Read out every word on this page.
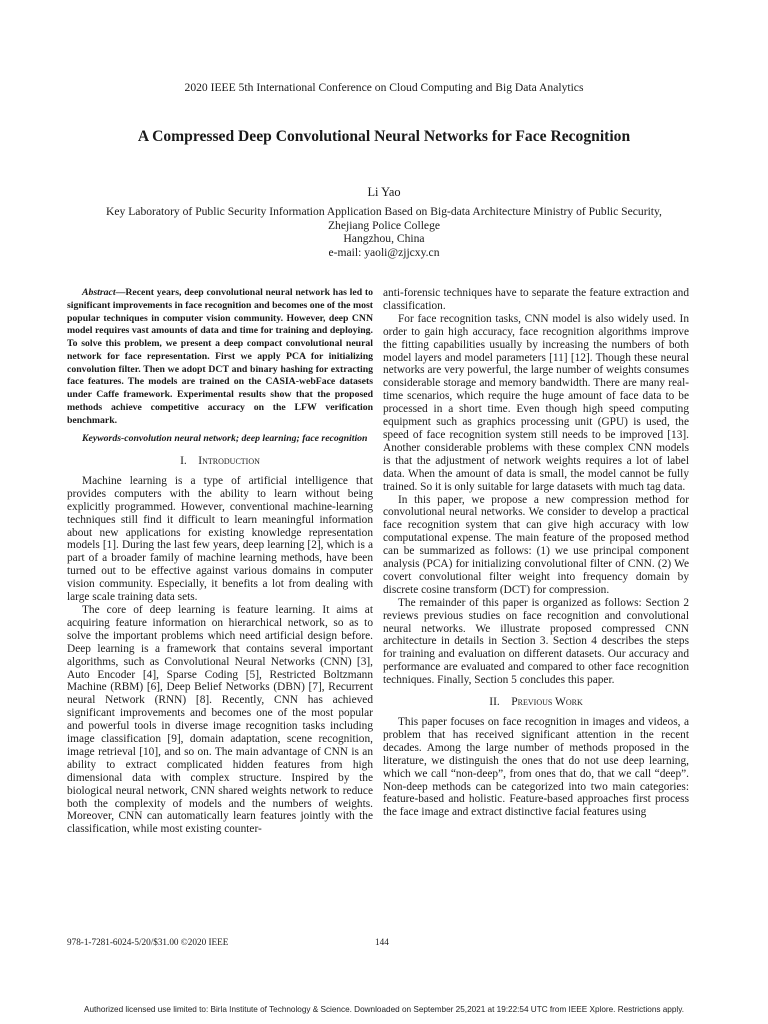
2020 IEEE 5th International Conference on Cloud Computing and Big Data Analytics
A Compressed Deep Convolutional Neural Networks for Face Recognition
Li Yao
Key Laboratory of Public Security Information Application Based on Big-data Architecture Ministry of Public Security,
Zhejiang Police College
Hangzhou, China
e-mail: yaoli@zjjcxy.cn

Abstract—Recent years, deep convolutional neural network has led to significant improvements in face recognition and becomes one of the most popular techniques in computer vision community. However, deep CNN model requires vast amounts of data and time for training and deploying. To solve this problem, we present a deep compact convolutional neural network for face representation. First we apply PCA for initializing convolution filter. Then we adopt DCT and binary hashing for extracting face features. The models are trained on the CASIA-webFace datasets under Caffe framework. Experimental results show that the proposed methods achieve competitive accuracy on the LFW verification benchmark.

Keywords-convolution neural network; deep learning; face recognition

I. Introduction

Machine learning is a type of artificial intelligence that provides computers with the ability to learn without being explicitly programmed. However, conventional machine-learning techniques still find it difficult to learn meaningful information about new applications for existing knowledge representation models [1]. During the last few years, deep learning [2], which is a part of a broader family of machine learning methods, have been turned out to be effective against various domains in computer vision community. Especially, it benefits a lot from dealing with large scale training data sets.

The core of deep learning is feature learning. It aims at acquiring feature information on hierarchical network, so as to solve the important problems which need artificial design before. Deep learning is a framework that contains several important algorithms, such as Convolutional Neural Networks (CNN) [3], Auto Encoder [4], Sparse Coding [5], Restricted Boltzmann Machine (RBM) [6], Deep Belief Networks (DBN) [7], Recurrent neural Network (RNN) [8]. Recently, CNN has achieved significant improvements and becomes one of the most popular and powerful tools in diverse image recognition tasks including image classification [9], domain adaptation, scene recognition, image retrieval [10], and so on. The main advantage of CNN is an ability to extract complicated hidden features from high dimensional data with complex structure. Inspired by the biological neural network, CNN shared weights network to reduce both the complexity of models and the numbers of weights. Moreover, CNN can automatically learn features jointly with the classification, while most existing counter-

anti-forensic techniques have to separate the feature extraction and classification.

For face recognition tasks, CNN model is also widely used. In order to gain high accuracy, face recognition algorithms improve the fitting capabilities usually by increasing the numbers of both model layers and model parameters [11] [12]. Though these neural networks are very powerful, the large number of weights consumes considerable storage and memory bandwidth. There are many real-time scenarios, which require the huge amount of face data to be processed in a short time. Even though high speed computing equipment such as graphics processing unit (GPU) is used, the speed of face recognition system still needs to be improved [13]. Another considerable problems with these complex CNN models is that the adjustment of network weights requires a lot of label data. When the amount of data is small, the model cannot be fully trained. So it is only suitable for large datasets with much tag data.

In this paper, we propose a new compression method for convolutional neural networks. We consider to develop a practical face recognition system that can give high accuracy with low computational expense. The main feature of the proposed method can be summarized as follows: (1) we use principal component analysis (PCA) for initializing convolutional filter of CNN. (2) We covert convolutional filter weight into frequency domain by discrete cosine transform (DCT) for compression.

The remainder of this paper is organized as follows: Section 2 reviews previous studies on face recognition and convolutional neural networks. We illustrate proposed compressed CNN architecture in details in Section 3. Section 4 describes the steps for training and evaluation on different datasets. Our accuracy and performance are evaluated and compared to other face recognition techniques. Finally, Section 5 concludes this paper.

II. Previous Work

This paper focuses on face recognition in images and videos, a problem that has received significant attention in the recent decades. Among the large number of methods proposed in the literature, we distinguish the ones that do not use deep learning, which we call “non-deep”, from ones that do, that we call “deep”. Non-deep methods can be categorized into two main categories: feature-based and holistic. Feature-based approaches first process the face image and extract distinctive facial features using

978-1-7281-6024-5/20/$31.00 ©2020 IEEE	144
Authorized licensed use limited to: Birla Institute of Technology & Science. Downloaded on September 25,2021 at 19:22:54 UTC from IEEE Xplore. Restrictions apply.
